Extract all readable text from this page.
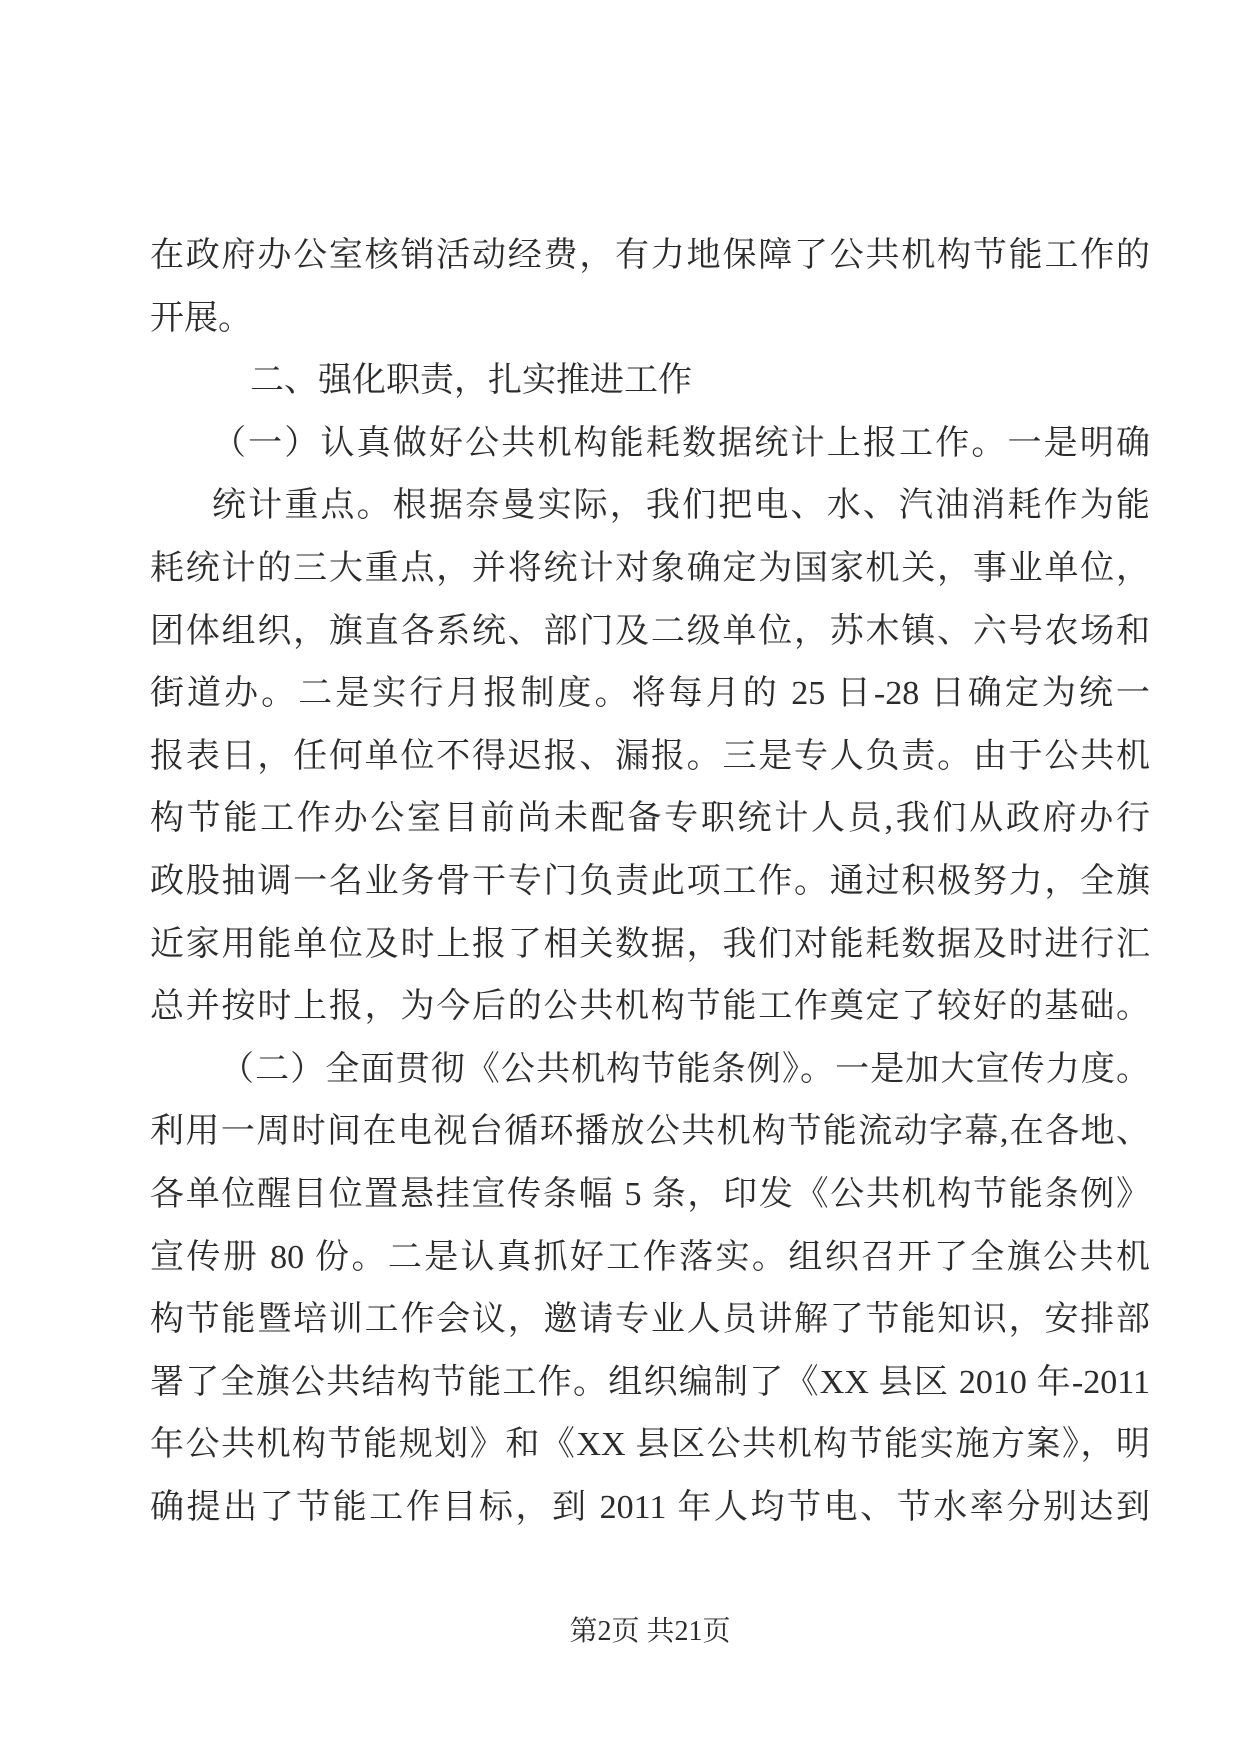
在政府办公室核销活动经费，有力地保障了公共机构节能工作的
开展。
二、强化职责，扎实推进工作
（一）认真做好公共机构能耗数据统计上报工作。一是明确
统计重点。根据奈曼实际，我们把电、水、汽油消耗作为能
耗统计的三大重点，并将统计对象确定为国家机关，事业单位，
团体组织，旗直各系统、部门及二级单位，苏木镇、六号农场和
街道办。二是实行月报制度。将每月的 25 日-28 日确定为统一
报表日，任何单位不得迟报、漏报。三是专人负责。由于公共机
构节能工作办公室目前尚未配备专职统计人员,我们从政府办行
政股抽调一名业务骨干专门负责此项工作。通过积极努力，全旗
近家用能单位及时上报了相关数据，我们对能耗数据及时进行汇
总并按时上报，为今后的公共机构节能工作奠定了较好的基础。
（二）全面贯彻《公共机构节能条例》。一是加大宣传力度。
利用一周时间在电视台循环播放公共机构节能流动字幕,在各地、
各单位醒目位置悬挂宣传条幅 5 条，印发《公共机构节能条例》
宣传册 80 份。二是认真抓好工作落实。组织召开了全旗公共机
构节能暨培训工作会议，邀请专业人员讲解了节能知识，安排部
署了全旗公共结构节能工作。组织编制了《XX 县区 2010 年-2011
年公共机构节能规划》和《XX 县区公共机构节能实施方案》，明
确提出了节能工作目标，到 2011 年人均节电、节水率分别达到
第2页 共21页
